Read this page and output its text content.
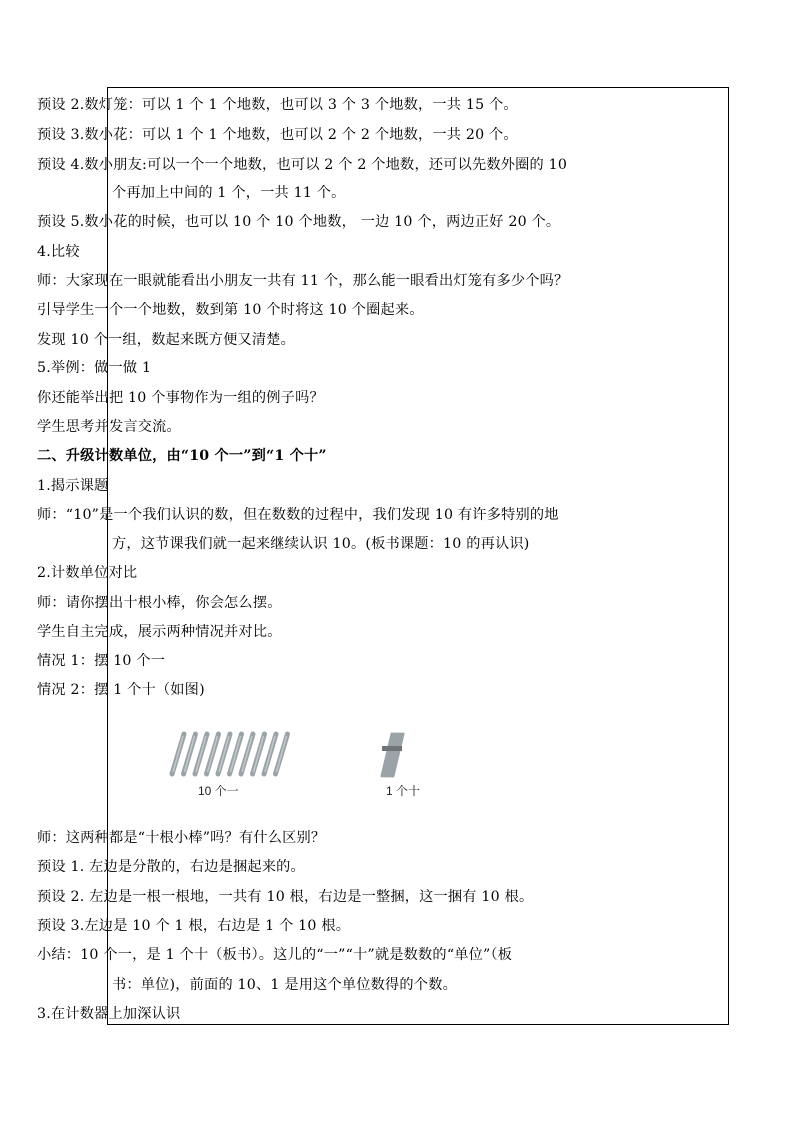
预设 2.数灯笼：可以 1 个 1 个地数，也可以 3 个 3 个地数，一共 15 个。
预设 3.数小花：可以 1 个 1 个地数，也可以 2 个 2 个地数，一共 20 个。
预设 4.数小朋友:可以一个一个地数，也可以 2 个 2 个地数，还可以先数外圈的 10
个再加上中间的 1 个，一共 11 个。
预设 5.数小花的时候，也可以 10 个 10 个地数， 一边 10 个，两边正好 20 个。
4.比较
师：大家现在一眼就能看出小朋友一共有 11 个，那么能一眼看出灯笼有多少个吗？
引导学生一个一个地数，数到第 10 个时将这 10 个圈起来。
发现 10 个一组，数起来既方便又清楚。
5.举例：做一做 1
你还能举出把 10 个事物作为一组的例子吗？
学生思考并发言交流。
二、升级计数单位，由“10 个一”到“1 个十”
1.揭示课题
师：“10”是一个我们认识的数，但在数数的过程中，我们发现 10 有许多特别的地
方，这节课我们就一起来继续认识 10。(板书课题：10 的再认识)
2.计数单位对比
师：请你摆出十根小棒，你会怎么摆。
学生自主完成，展示两种情况并对比。
情况 1：摆 10 个一
情况 2：摆 1 个十（如图)
10 个一	1 个十
师：这两种都是“十根小棒”吗？有什么区别？
预设 1. 左边是分散的，右边是捆起来的。
预设 2. 左边是一根一根地，一共有 10 根，右边是一整捆，这一捆有 10 根。
预设 3.左边是 10 个 1 根，右边是 1 个 10 根。
小结：10 个一，是 1 个十（板书）。这儿的“一”“十”就是数数的“单位”（板
书：单位)，前面的 10、1 是用这个单位数得的个数。
3.在计数器上加深认识
